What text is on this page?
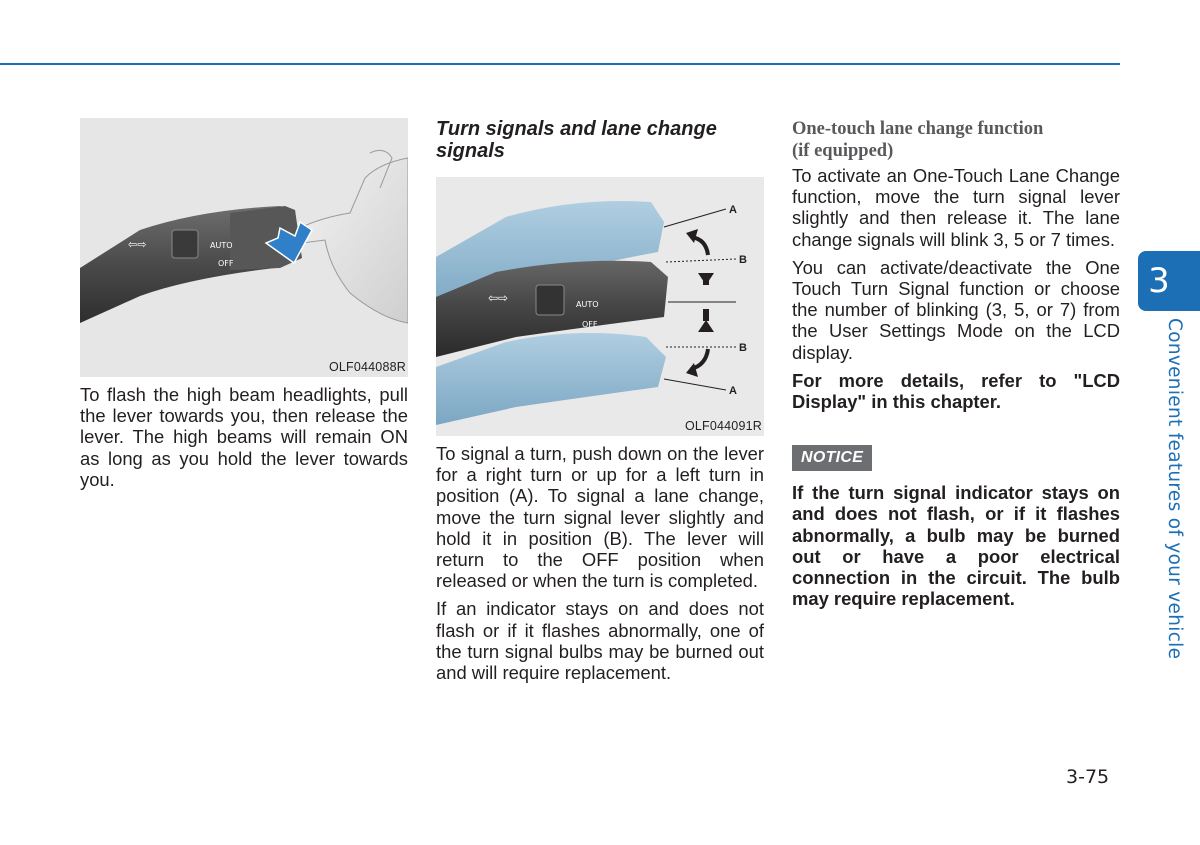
⇦⇨	AUTO
OFF
OLF044088R

To flash the high beam headlights, pull the lever towards you, then release the lever. The high beams will remain ON as long as you hold the lever towards you.

Turn signals and lane change signals
⇦⇨	AUTO
OFF
A
B
B
A
OLF044091R

To signal a turn, push down on the lever for a right turn or up for a left turn in position (A). To signal a lane change, move the turn signal lever slightly and hold it in position (B). The lever will return to the OFF position when released or when the turn is completed.

If an indicator stays on and does not flash or if it flashes abnormally, one of the turn signal bulbs may be burned out and will require replacement.

One-touch lane change function
(if equipped)

To activate an One-Touch Lane Change function, move the turn signal lever slightly and then release it. The lane change signals will blink 3, 5 or 7 times.

You can activate/deactivate the One Touch Turn Signal function or choose the number of blinking (3, 5, or 7) from the User Settings Mode on the LCD display.

For more details, refer to "LCD Display" in this chapter.

NOTICE

If the turn signal indicator stays on and does not flash, or if it flashes abnormally, a bulb may be burned out or have a poor electrical connection in the circuit. The bulb may require replacement.

3
Convenient features of your vehicle
3-75
